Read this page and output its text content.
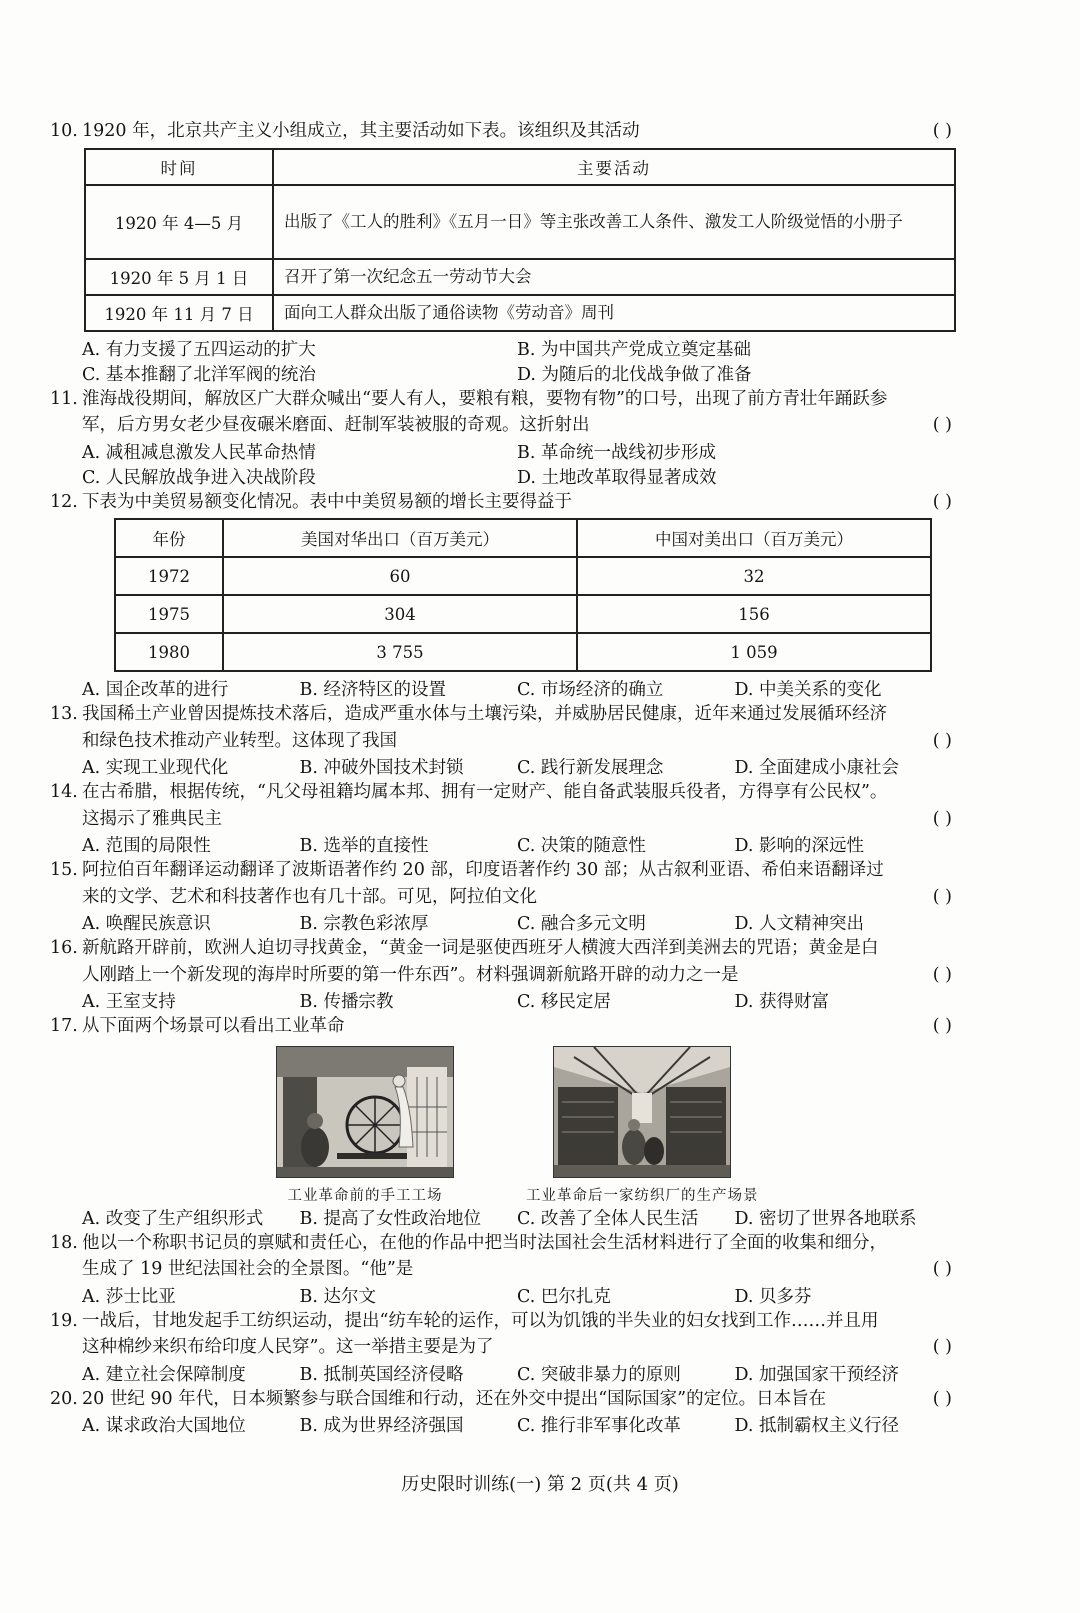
10. 1920 年，北京共产主义小组成立，其主要活动如下表。该组织及其活动	( )
时间	主要活动
1920 年 4—5 月	出版了《工人的胜利》《五月一日》等主张改善工人条件、激发工人阶级觉悟的小册子
1920 年 5 月 1 日	召开了第一次纪念五一劳动节大会
1920 年 11 月 7 日	面向工人群众出版了通俗读物《劳动音》周刊
A. 有力支援了五四运动的扩大	B. 为中国共产党成立奠定基础
C. 基本推翻了北洋军阀的统治	D. 为随后的北伐战争做了准备
11. 淮海战役期间，解放区广大群众喊出“要人有人，要粮有粮，要物有物”的口号，出现了前方青壮年踊跃参军，后方男女老少昼夜碾米磨面、赶制军装被服的奇观。这折射出	( )
A. 减租减息激发人民革命热情	B. 革命统一战线初步形成
C. 人民解放战争进入决战阶段	D. 土地改革取得显著成效
12. 下表为中美贸易额变化情况。表中中美贸易额的增长主要得益于	( )
年份	美国对华出口（百万美元）	中国对美出口（百万美元）
1972	60	32
1975	304	156
1980	3 755	1 059
A. 国企改革的进行	B. 经济特区的设置	C. 市场经济的确立	D. 中美关系的变化
13. 我国稀土产业曾因提炼技术落后，造成严重水体与土壤污染，并威胁居民健康，近年来通过发展循环经济和绿色技术推动产业转型。这体现了我国	( )
A. 实现工业现代化	B. 冲破外国技术封锁	C. 践行新发展理念	D. 全面建成小康社会
14. 在古希腊，根据传统，“凡父母祖籍均属本邦、拥有一定财产、能自备武装服兵役者，方得享有公民权”。这揭示了雅典民主	( )
A. 范围的局限性	B. 选举的直接性	C. 决策的随意性	D. 影响的深远性
15. 阿拉伯百年翻译运动翻译了波斯语著作约 20 部，印度语著作约 30 部；从古叙利亚语、希伯来语翻译过来的文学、艺术和科技著作也有几十部。可见，阿拉伯文化	( )
A. 唤醒民族意识	B. 宗教色彩浓厚	C. 融合多元文明	D. 人文精神突出
16. 新航路开辟前，欧洲人迫切寻找黄金，“黄金一词是驱使西班牙人横渡大西洋到美洲去的咒语；黄金是白人刚踏上一个新发现的海岸时所要的第一件东西”。材料强调新航路开辟的动力之一是	( )
A. 王室支持	B. 传播宗教	C. 移民定居	D. 获得财富
17. 从下面两个场景可以看出工业革命	( )
工业革命前的手工工场	工业革命后一家纺织厂的生产场景
A. 改变了生产组织形式	B. 提高了女性政治地位	C. 改善了全体人民生活	D. 密切了世界各地联系
18. 他以一个称职书记员的禀赋和责任心，在他的作品中把当时法国社会生活材料进行了全面的收集和细分，生成了 19 世纪法国社会的全景图。“他”是	( )
A. 莎士比亚	B. 达尔文	C. 巴尔扎克	D. 贝多芬
19. 一战后，甘地发起手工纺织运动，提出“纺车轮的运作，可以为饥饿的半失业的妇女找到工作……并且用这种棉纱来织布给印度人民穿”。这一举措主要是为了	( )
A. 建立社会保障制度	B. 抵制英国经济侵略	C. 突破非暴力的原则	D. 加强国家干预经济
20. 20 世纪 90 年代，日本频繁参与联合国维和行动，还在外交中提出“国际国家”的定位。日本旨在	( )
A. 谋求政治大国地位	B. 成为世界经济强国	C. 推行非军事化改革	D. 抵制霸权主义行径
历史限时训练(一) 第 2 页(共 4 页)
